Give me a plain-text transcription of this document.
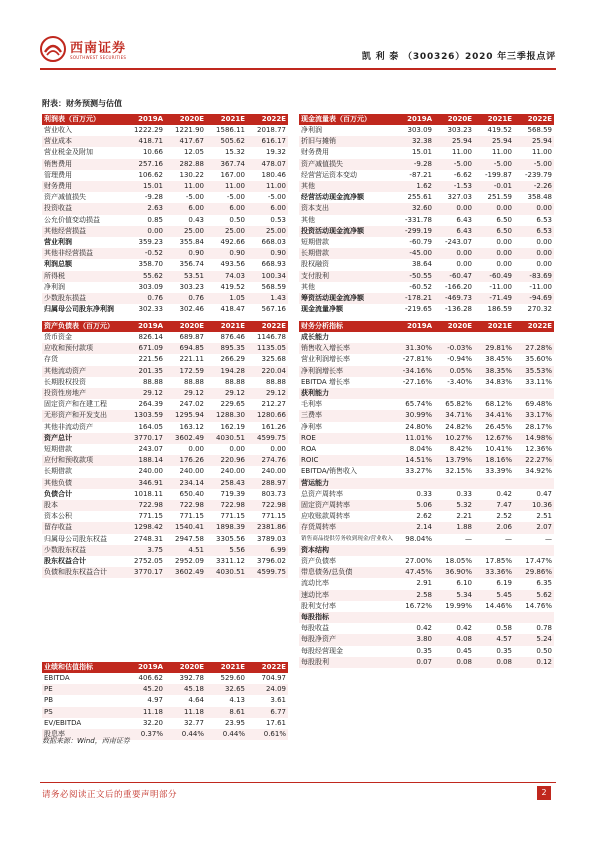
西南证券
SOUTHWEST SECURITIES	凯 利 泰 （300326）2020 年三季报点评
附表：财务预测与估值
利润表（百万元）	2019A	2020E	2021E	2022E
营业收入	1222.29	1221.90	1586.11	2018.77
营业成本	418.71	417.67	505.62	616.17
营业税金及附加	10.66	12.05	15.32	19.32
销售费用	257.16	282.88	367.74	478.07
管理费用	106.62	130.22	167.00	180.46
财务费用	15.01	11.00	11.00	11.00
资产减值损失	-9.28	-5.00	-5.00	-5.00
投资收益	2.63	6.00	6.00	6.00
公允价值变动损益	0.85	0.43	0.50	0.53
其他经营损益	0.00	25.00	25.00	25.00
营业利润	359.23	355.84	492.66	668.03
其他非经营损益	-0.52	0.90	0.90	0.90
利润总额	358.70	356.74	493.56	668.93
所得税	55.62	53.51	74.03	100.34
净利润	303.09	303.23	419.52	568.59
少数股东损益	0.76	0.76	1.05	1.43
归属母公司股东净利润	302.33	302.46	418.47	567.16
现金流量表（百万元）	2019A	2020E	2021E	2022E
净利润	303.09	303.23	419.52	568.59
折旧与摊销	32.38	25.94	25.94	25.94
财务费用	15.01	11.00	11.00	11.00
资产减值损失	-9.28	-5.00	-5.00	-5.00
经营营运资本变动	-87.21	-6.62	-199.87	-239.79
其他	1.62	-1.53	-0.01	-2.26
经营活动现金流净额	255.61	327.03	251.59	358.48
资本支出	32.60	0.00	0.00	0.00
其他	-331.78	6.43	6.50	6.53
投资活动现金流净额	-299.19	6.43	6.50	6.53
短期借款	-60.79	-243.07	0.00	0.00
长期借款	-45.00	0.00	0.00	0.00
股权融资	38.64	0.00	0.00	0.00
支付股利	-50.55	-60.47	-60.49	-83.69
其他	-60.52	-166.20	-11.00	-11.00
筹资活动现金流净额	-178.21	-469.73	-71.49	-94.69
现金流量净额	-219.65	-136.28	186.59	270.32
资产负债表（百万元）	2019A	2020E	2021E	2022E
货币资金	826.14	689.87	876.46	1146.78
应收和预付款项	671.09	694.85	895.35	1135.05
存货	221.56	221.11	266.29	325.68
其他流动资产	201.35	172.59	194.28	220.04
长期股权投资	88.88	88.88	88.88	88.88
投资性房地产	29.12	29.12	29.12	29.12
固定资产和在建工程	264.39	247.02	229.65	212.27
无形资产和开发支出	1303.59	1295.94	1288.30	1280.66
其他非流动资产	164.05	163.12	162.19	161.26
资产总计	3770.17	3602.49	4030.51	4599.75
短期借款	243.07	0.00	0.00	0.00
应付和预收款项	188.14	176.26	220.96	274.76
长期借款	240.00	240.00	240.00	240.00
其他负债	346.91	234.14	258.43	288.97
负债合计	1018.11	650.40	719.39	803.73
股本	722.98	722.98	722.98	722.98
资本公积	771.15	771.15	771.15	771.15
留存收益	1298.42	1540.41	1898.39	2381.86
归属母公司股东权益	2748.31	2947.58	3305.56	3789.03
少数股东权益	3.75	4.51	5.56	6.99
股东权益合计	2752.05	2952.09	3311.12	3796.02
负债和股东权益合计	3770.17	3602.49	4030.51	4599.75
财务分析指标	2019A	2020E	2021E	2022E
成长能力				
销售收入增长率	31.30%	-0.03%	29.81%	27.28%
营业利润增长率	-27.81%	-0.94%	38.45%	35.60%
净利润增长率	-34.16%	0.05%	38.35%	35.53%
EBITDA 增长率	-27.16%	-3.40%	34.83%	33.11%
获利能力				
毛利率	65.74%	65.82%	68.12%	69.48%
三费率	30.99%	34.71%	34.41%	33.17%
净利率	24.80%	24.82%	26.45%	28.17%
ROE	11.01%	10.27%	12.67%	14.98%
ROA	8.04%	8.42%	10.41%	12.36%
ROIC	14.51%	13.79%	18.16%	22.27%
EBITDA/销售收入	33.27%	32.15%	33.39%	34.92%
营运能力				
总资产周转率	0.33	0.33	0.42	0.47
固定资产周转率	5.06	5.32	7.47	10.36
应收账款周转率	2.62	2.21	2.52	2.51
存货周转率	2.14	1.88	2.06	2.07
销售商品提供劳务收到现金/营业收入	98.04%	—	—	—
资本结构				
资产负债率	27.00%	18.05%	17.85%	17.47%
带息债务/总负债	47.45%	36.90%	33.36%	29.86%
流动比率	2.91	6.10	6.19	6.35
速动比率	2.58	5.34	5.45	5.62
股利支付率	16.72%	19.99%	14.46%	14.76%
每股指标				
每股收益	0.42	0.42	0.58	0.78
每股净资产	3.80	4.08	4.57	5.24
每股经营现金	0.35	0.45	0.35	0.50
每股股利	0.07	0.08	0.08	0.12
业绩和估值指标	2019A	2020E	2021E	2022E
EBITDA	406.62	392.78	529.60	704.97
PE	45.20	45.18	32.65	24.09
PB	4.97	4.64	4.13	3.61
PS	11.18	11.18	8.61	6.77
EV/EBITDA	32.20	32.77	23.95	17.61
股息率	0.37%	0.44%	0.44%	0.61%
数据来源：Wind，西南证券
请务必阅读正文后的重要声明部分	2
